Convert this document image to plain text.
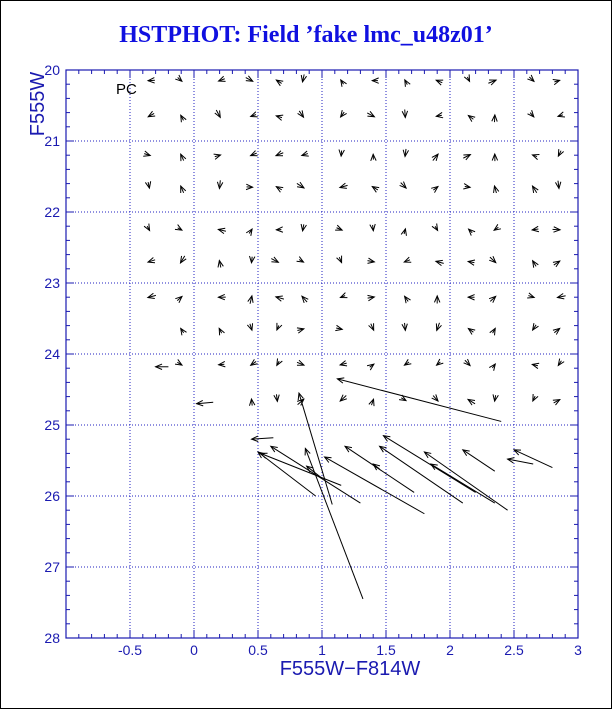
HSTPHOT: Field ’fake lmc_u48z01’
-0.5	0	0.5	1	1.5	2	2.5	3
20
21
22
23
24
25
26
27
28
PC
F555W−F814W
F555W
